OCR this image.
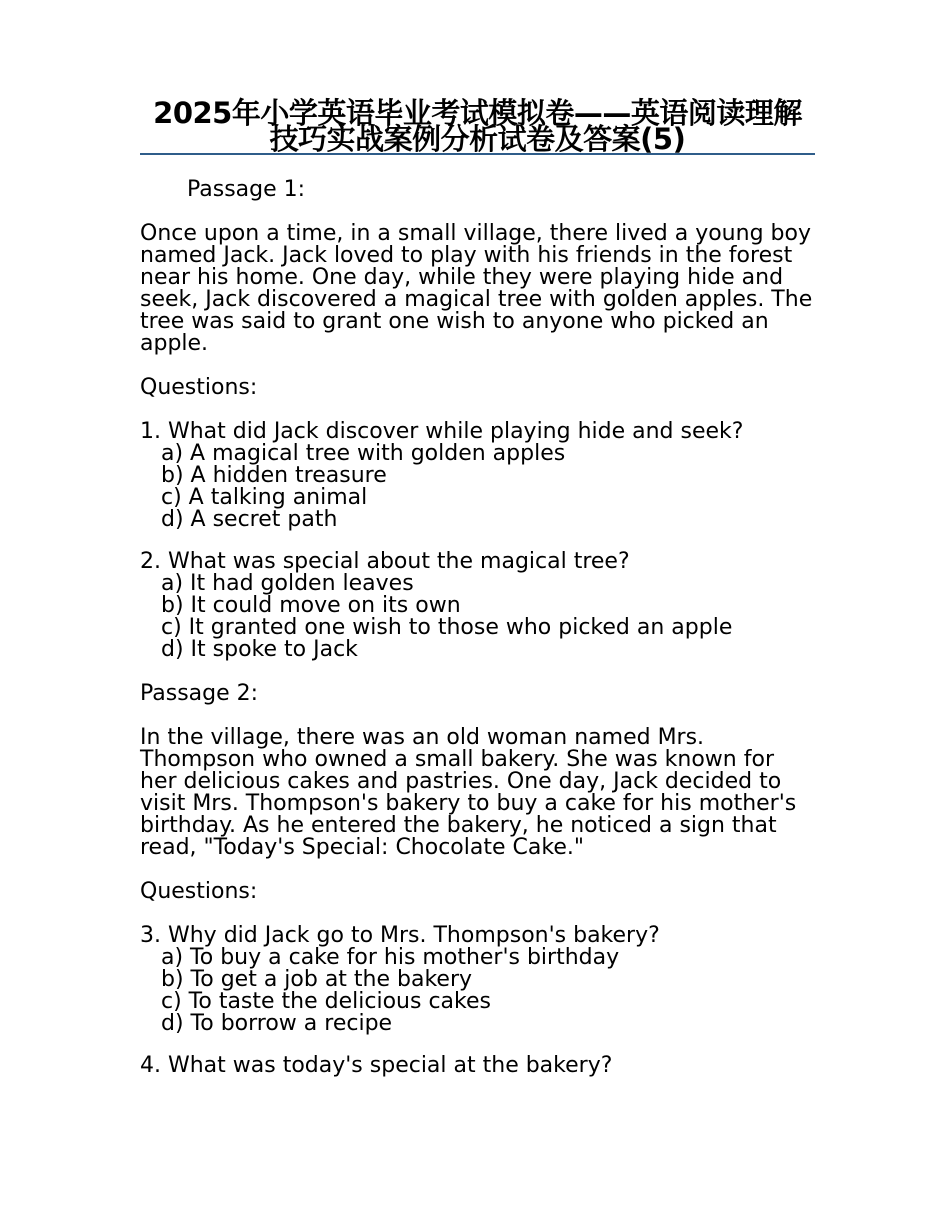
2025年小学英语毕业考试模拟卷——英语阅读理解技巧实战案例分析试卷及答案(5)

Passage 1:

Once upon a time, in a small village, there lived a young boy named Jack. Jack loved to play with his friends in the forest near his home. One day, while they were playing hide and seek, Jack discovered a magical tree with golden apples. The tree was said to grant one wish to anyone who picked an apple.

Questions:

1. What did Jack discover while playing hide and seek?

a) A magical tree with golden apples

b) A hidden treasure

c) A talking animal

d) A secret path

2. What was special about the magical tree?

a) It had golden leaves

b) It could move on its own

c) It granted one wish to those who picked an apple

d) It spoke to Jack

Passage 2:

In the village, there was an old woman named Mrs. Thompson who owned a small bakery. She was known for her delicious cakes and pastries. One day, Jack decided to visit Mrs. Thompson's bakery to buy a cake for his mother's birthday. As he entered the bakery, he noticed a sign that read, "Today's Special: Chocolate Cake."

Questions:

3. Why did Jack go to Mrs. Thompson's bakery?

a) To buy a cake for his mother's birthday

b) To get a job at the bakery

c) To taste the delicious cakes

d) To borrow a recipe

4. What was today's special at the bakery?
